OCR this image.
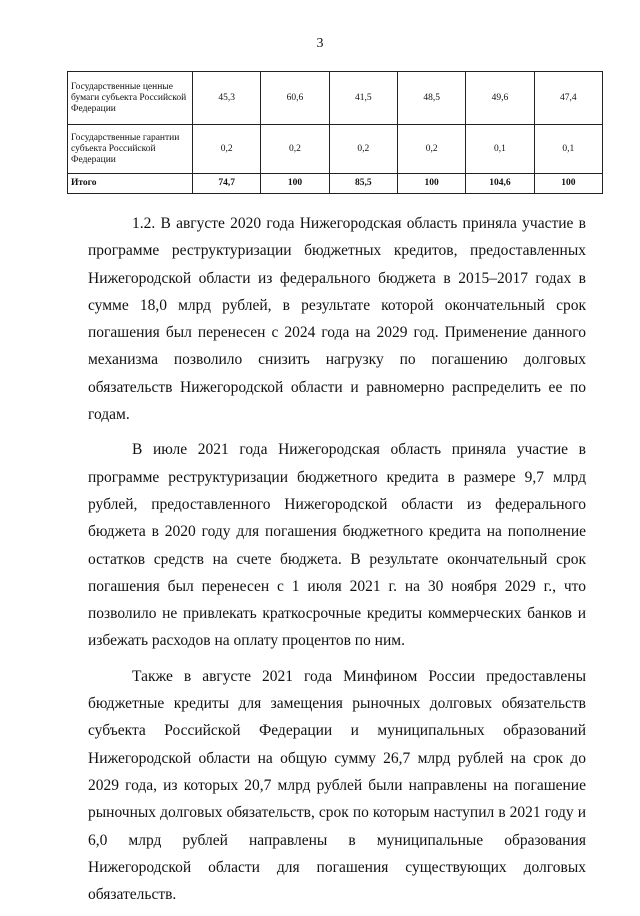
3
Государственные ценные бумаги субъекта Российской Федерации	45,3	60,6	41,5	48,5	49,6	47,4
Государственные гарантии субъекта Российской Федерации	0,2	0,2	0,2	0,2	0,1	0,1
Итого	74,7	100	85,5	100	104,6	100

1.2. В августе 2020 года Нижегородская область приняла участие в программе реструктуризации бюджетных кредитов, предоставленных Нижегородской области из федерального бюджета в 2015–2017 годах в сумме 18,0 млрд рублей, в результате которой окончательный срок погашения был перенесен с 2024 года на 2029 год. Применение данного механизма позволило снизить нагрузку по погашению долговых обязательств Нижегородской области и равномерно распределить ее по годам.

В июле 2021 года Нижегородская область приняла участие в программе реструктуризации бюджетного кредита в размере 9,7 млрд рублей, предоставленного Нижегородской области из федерального бюджета в 2020 году для погашения бюджетного кредита на пополнение остатков средств на счете бюджета. В результате окончательный срок погашения был перенесен с 1 июля 2021 г. на 30 ноября 2029 г., что позволило не привлекать краткосрочные кредиты коммерческих банков и избежать расходов на оплату процентов по ним.

Также в августе 2021 года Минфином России предоставлены бюджетные кредиты для замещения рыночных долговых обязательств субъекта Российской Федерации и муниципальных образований Нижегородской области на общую сумму 26,7 млрд рублей на срок до 2029 года, из которых 20,7 млрд рублей были направлены на погашение рыночных долговых обязательств, срок по которым наступил в 2021 году и 6,0 млрд рублей направлены в муниципальные образования Нижегородской области для погашения существующих долговых обязательств.
